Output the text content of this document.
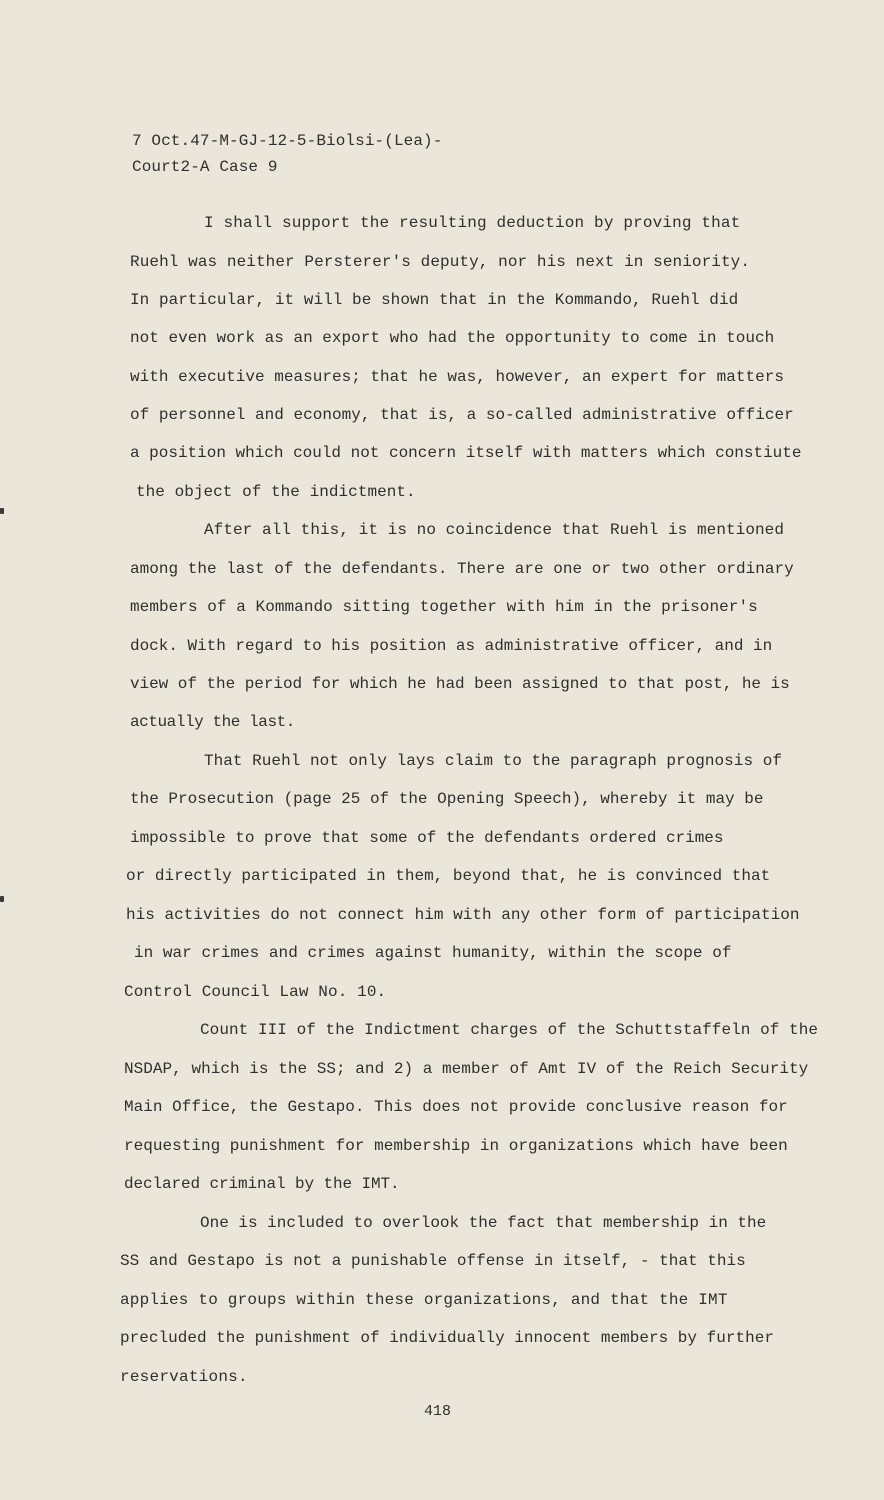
7 Oct.47-M-GJ-12-5-Biolsi-(Lea)-
Court2-A Case 9
I shall support the resulting deduction by proving that
Ruehl was neither Persterer's deputy, nor his next in seniority.
In particular, it will be shown that in the Kommando, Ruehl did
not even work as an export who had the opportunity to come in touch
with executive measures; that he was, however, an expert for matters
of personnel and economy, that is, a so-called administrative officer
a position which could not concern itself with matters which constiute
the object of the indictment.
After all this, it is no coincidence that Ruehl is mentioned
among the last of the defendants. There are one or two other ordinary
members of a Kommando sitting together with him in the prisoner's
dock. With regard to his position as administrative officer, and in
view of the period for which he had been assigned to that post, he is
actually the last.
That Ruehl not only lays claim to the paragraph prognosis of
the Prosecution (page 25 of the Opening Speech), whereby it may be
impossible to prove that some of the defendants ordered crimes
or directly participated in them, beyond that, he is convinced that
his activities do not connect him with any other form of participation
in war crimes and crimes against humanity, within the scope of
Control Council Law No. 10.
Count III of the Indictment charges of the Schuttstaffeln of the
NSDAP, which is the SS; and 2) a member of Amt IV of the Reich Security
Main Office, the Gestapo. This does not provide conclusive reason for
requesting punishment for membership in organizations which have been
declared criminal by the IMT.
One is included to overlook the fact that membership in the
SS and Gestapo is not a punishable offense in itself, - that this
applies to groups within these organizations, and that the IMT
precluded the punishment of individually innocent members by further
reservations.
418
